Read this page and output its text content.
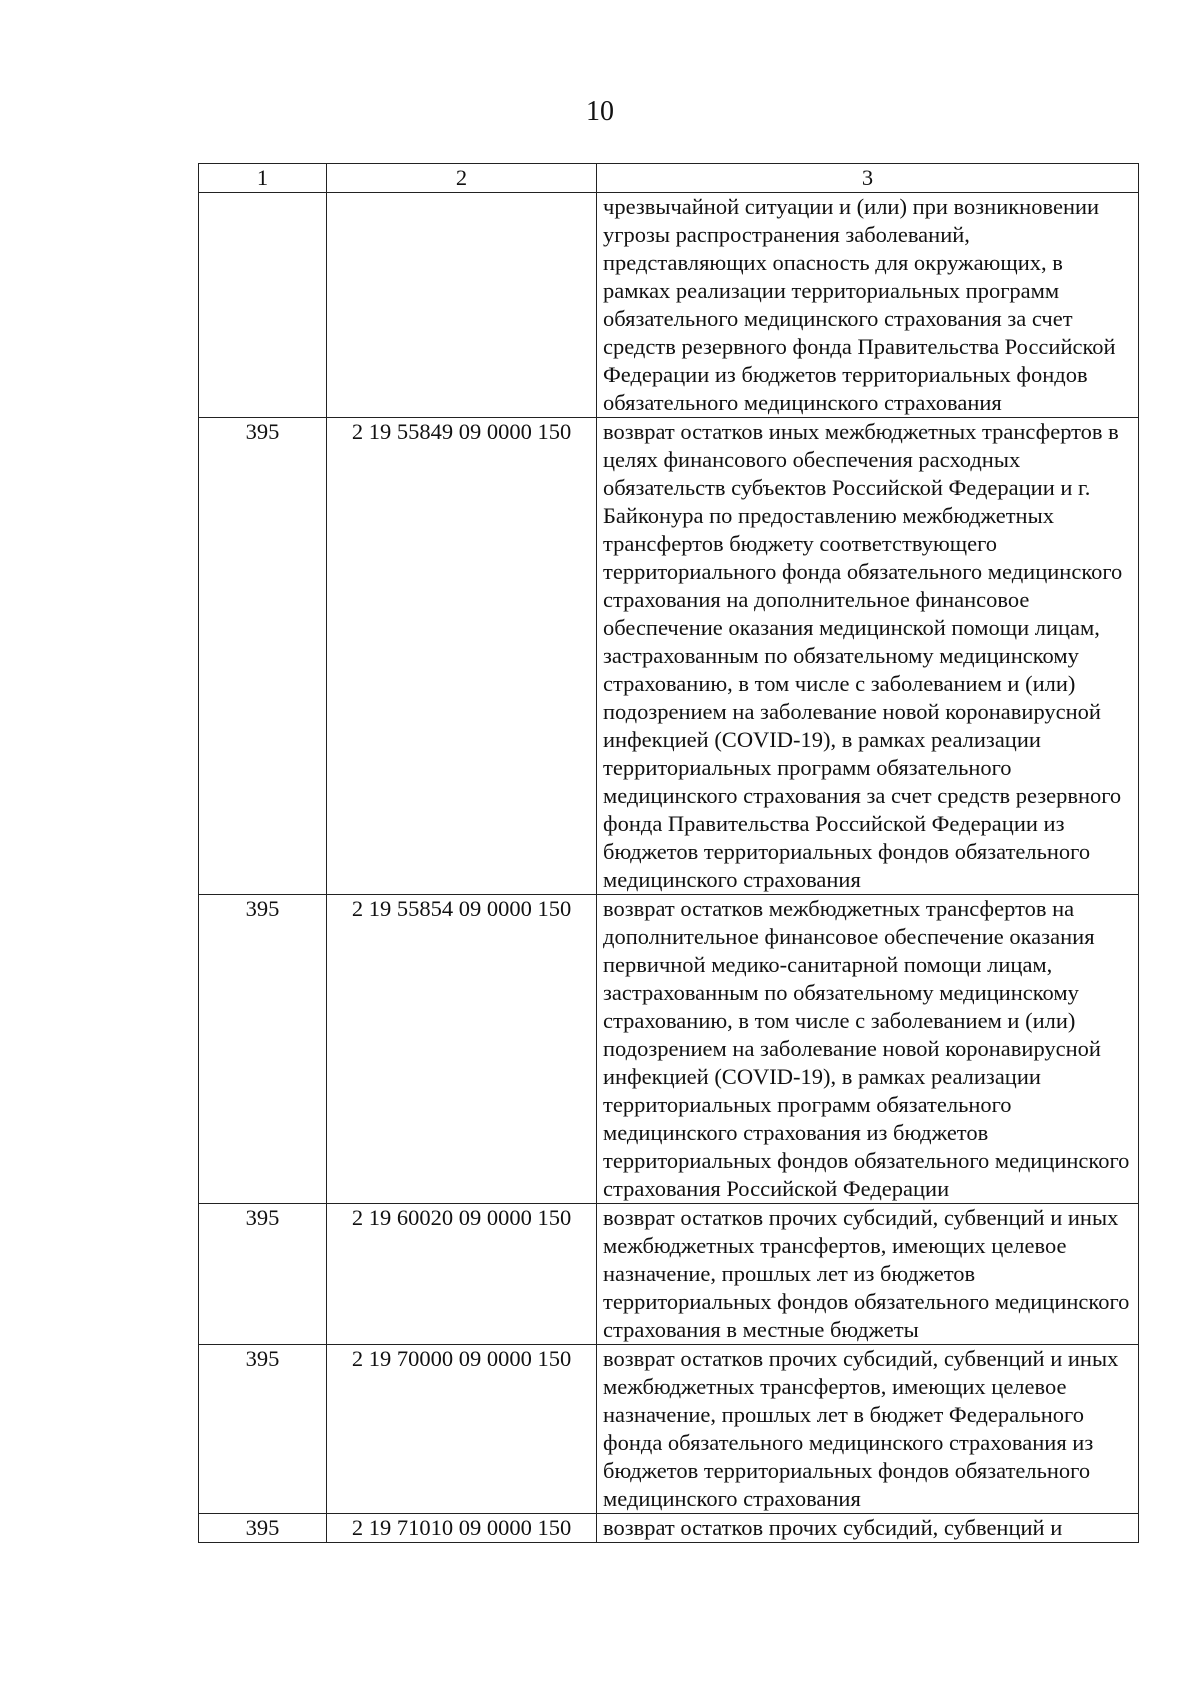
10
1	2	3
		чрезвычайной ситуации и (или) при возникновении угрозы распространения заболеваний, представляющих опасность для окружающих, в рамках реализации территориальных программ обязательного медицинского страхования за счет средств резервного фонда Правительства Российской Федерации из бюджетов территориальных фондов обязательного медицинского страхования
395	2 19 55849 09 0000 150	возврат остатков иных межбюджетных трансфертов в целях финансового обеспечения расходных обязательств субъектов Российской Федерации и г. Байконура по предоставлению межбюджетных трансфертов бюджету соответствующего территориального фонда обязательного медицинского страхования на дополнительное финансовое обеспечение оказания медицинской помощи лицам, застрахованным по обязательному медицинскому страхованию, в том числе с заболеванием и (или) подозрением на заболевание новой коронавирусной инфекцией (COVID-19), в рамках реализации территориальных программ обязательного медицинского страхования за счет средств резервного фонда Правительства Российской Федерации из бюджетов территориальных фондов обязательного медицинского страхования
395	2 19 55854 09 0000 150	возврат остатков межбюджетных трансфертов на дополнительное финансовое обеспечение оказания первичной медико-санитарной помощи лицам, застрахованным по обязательному медицинскому страхованию, в том числе с заболеванием и (или) подозрением на заболевание новой коронавирусной инфекцией (COVID-19), в рамках реализации территориальных программ обязательного медицинского страхования из бюджетов территориальных фондов обязательного медицинского страхования Российской Федерации
395	2 19 60020 09 0000 150	возврат остатков прочих субсидий, субвенций и иных межбюджетных трансфертов, имеющих целевое назначение, прошлых лет из бюджетов территориальных фондов обязательного медицинского страхования в местные бюджеты
395	2 19 70000 09 0000 150	возврат остатков прочих субсидий, субвенций и иных межбюджетных трансфертов, имеющих целевое назначение, прошлых лет в бюджет Федерального фонда обязательного медицинского страхования из бюджетов территориальных фондов обязательного медицинского страхования
395	2 19 71010 09 0000 150	возврат остатков прочих субсидий, субвенций и
